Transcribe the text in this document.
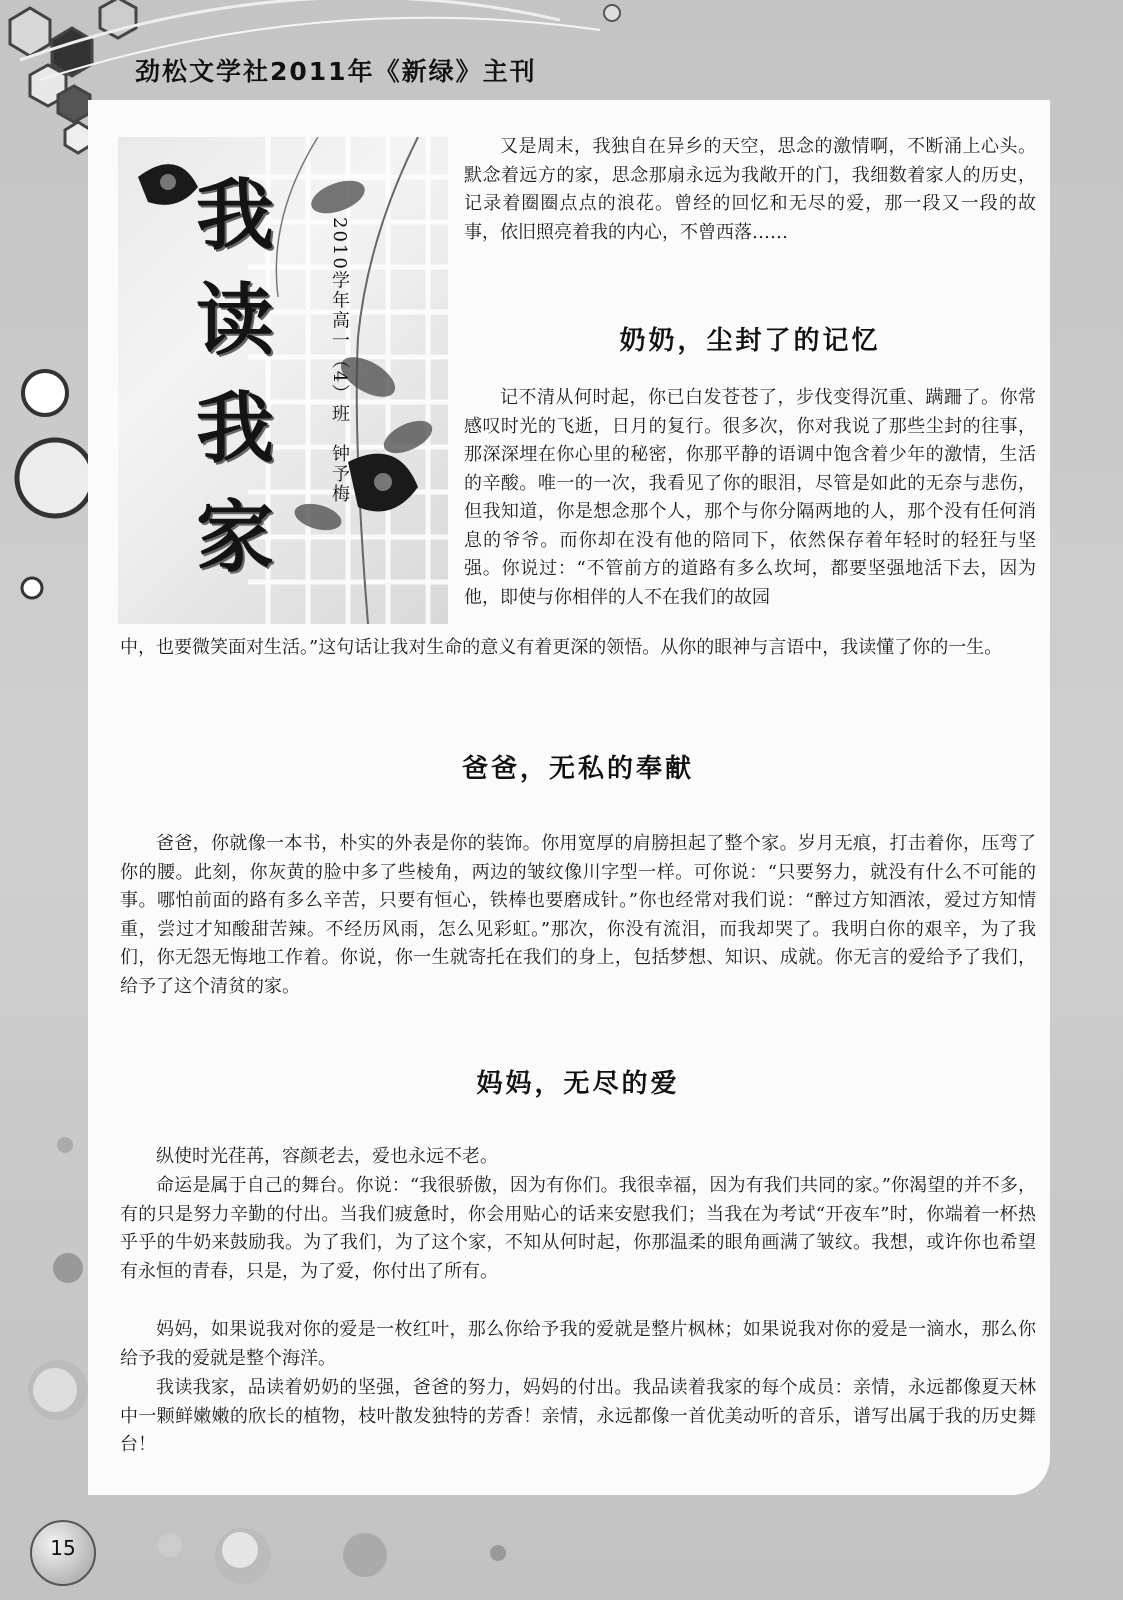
劲松文学社2011年《新绿》主刊
我
读
我
家
2010学年高一（4）班　钟予梅

又是周末，我独自在异乡的天空，思念的激情啊，不断涌上心头。默念着远方的家，思念那扇永远为我敞开的门，我细数着家人的历史，记录着圈圈点点的浪花。曾经的回忆和无尽的爱，那一段又一段的故事，依旧照亮着我的内心，不曾西落……

奶奶，尘封了的记忆

记不清从何时起，你已白发苍苍了，步伐变得沉重、蹒跚了。你常感叹时光的飞逝，日月的复行。很多次，你对我说了那些尘封的往事，那深深埋在你心里的秘密，你那平静的语调中饱含着少年的激情，生活的辛酸。唯一的一次，我看见了你的眼泪，尽管是如此的无奈与悲伤，但我知道，你是想念那个人，那个与你分隔两地的人，那个没有任何消息的爷爷。而你却在没有他的陪同下，依然保存着年轻时的轻狂与坚强。你说过：“不管前方的道路有多么坎坷，都要坚强地活下去，因为他，即使与你相伴的人不在我们的故园

中，也要微笑面对生活。”这句话让我对生命的意义有着更深的领悟。从你的眼神与言语中，我读懂了你的一生。

爸爸，无私的奉献

爸爸，你就像一本书，朴实的外表是你的装饰。你用宽厚的肩膀担起了整个家。岁月无痕，打击着你，压弯了你的腰。此刻，你灰黄的脸中多了些棱角，两边的皱纹像川字型一样。可你说：“只要努力，就没有什么不可能的事。哪怕前面的路有多么辛苦，只要有恒心，铁棒也要磨成针。”你也经常对我们说：“醉过方知酒浓，爱过方知情重，尝过才知酸甜苦辣。不经历风雨，怎么见彩虹。”那次，你没有流泪，而我却哭了。我明白你的艰辛，为了我们，你无怨无悔地工作着。你说，你一生就寄托在我们的身上，包括梦想、知识、成就。你无言的爱给予了我们，给予了这个清贫的家。

妈妈，无尽的爱

纵使时光荏苒，容颜老去，爱也永远不老。

命运是属于自己的舞台。你说：“我很骄傲，因为有你们。我很幸福，因为有我们共同的家。”你渴望的并不多，有的只是努力辛勤的付出。当我们疲惫时，你会用贴心的话来安慰我们；当我在为考试“开夜车”时，你端着一杯热乎乎的牛奶来鼓励我。为了我们，为了这个家，不知从何时起，你那温柔的眼角画满了皱纹。我想，或许你也希望有永恒的青春，只是，为了爱，你付出了所有。

妈妈，如果说我对你的爱是一枚红叶，那么你给予我的爱就是整片枫林；如果说我对你的爱是一滴水，那么你给予我的爱就是整个海洋。

我读我家，品读着奶奶的坚强，爸爸的努力，妈妈的付出。我品读着我家的每个成员：亲情，永远都像夏天林中一颗鲜嫩嫩的欣长的植物，枝叶散发独特的芳香！亲情，永远都像一首优美动听的音乐，谱写出属于我的历史舞台！

15
